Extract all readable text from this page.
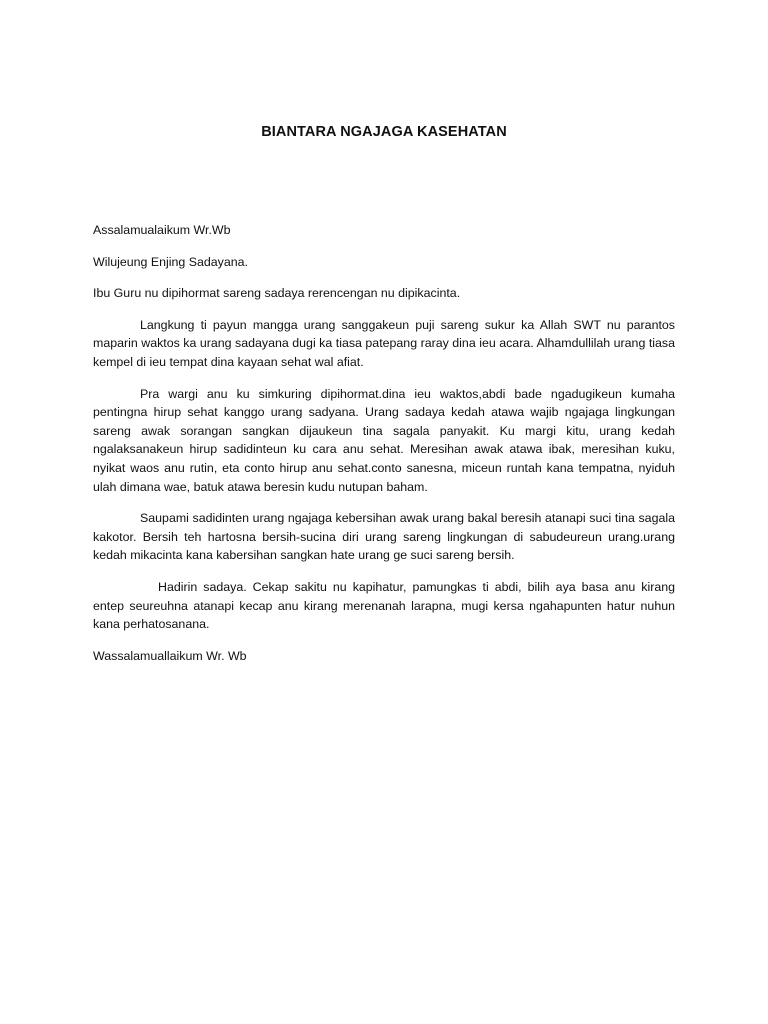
BIANTARA NGAJAGA KASEHATAN

Assalamualaikum Wr.Wb

Wilujeung Enjing Sadayana.

Ibu Guru nu dipihormat sareng sadaya rerencengan nu dipikacinta.

Langkung ti payun mangga urang sanggakeun puji sareng sukur ka Allah SWT nu parantos maparin waktos ka urang sadayana dugi ka tiasa patepang raray dina ieu acara. Alhamdullilah urang tiasa kempel di ieu tempat dina kayaan sehat wal afiat.

Pra wargi anu ku simkuring dipihormat.dina ieu waktos,abdi bade ngadugikeun kumaha pentingna hirup sehat kanggo urang sadyana. Urang sadaya kedah atawa wajib ngajaga lingkungan sareng awak sorangan sangkan dijaukeun tina sagala panyakit. Ku margi kitu, urang kedah ngalaksanakeun hirup sadidinteun ku cara anu sehat. Meresihan awak atawa ibak, meresihan kuku, nyikat waos anu rutin, eta conto hirup anu sehat.conto sanesna, miceun runtah kana tempatna, nyiduh ulah dimana wae, batuk atawa beresin kudu nutupan baham.

Saupami sadidinten urang ngajaga kebersihan awak urang bakal beresih atanapi suci tina sagala kakotor. Bersih teh hartosna bersih-sucina diri urang sareng lingkungan di sabudeureun urang.urang kedah mikacinta kana kabersihan sangkan hate urang ge suci sareng bersih.

Hadirin sadaya. Cekap sakitu nu kapihatur, pamungkas ti abdi, bilih aya basa anu kirang entep seureuhna atanapi kecap anu kirang merenanah larapna, mugi kersa ngahapunten hatur nuhun kana perhatosanana.

Wassalamuallaikum Wr. Wb
